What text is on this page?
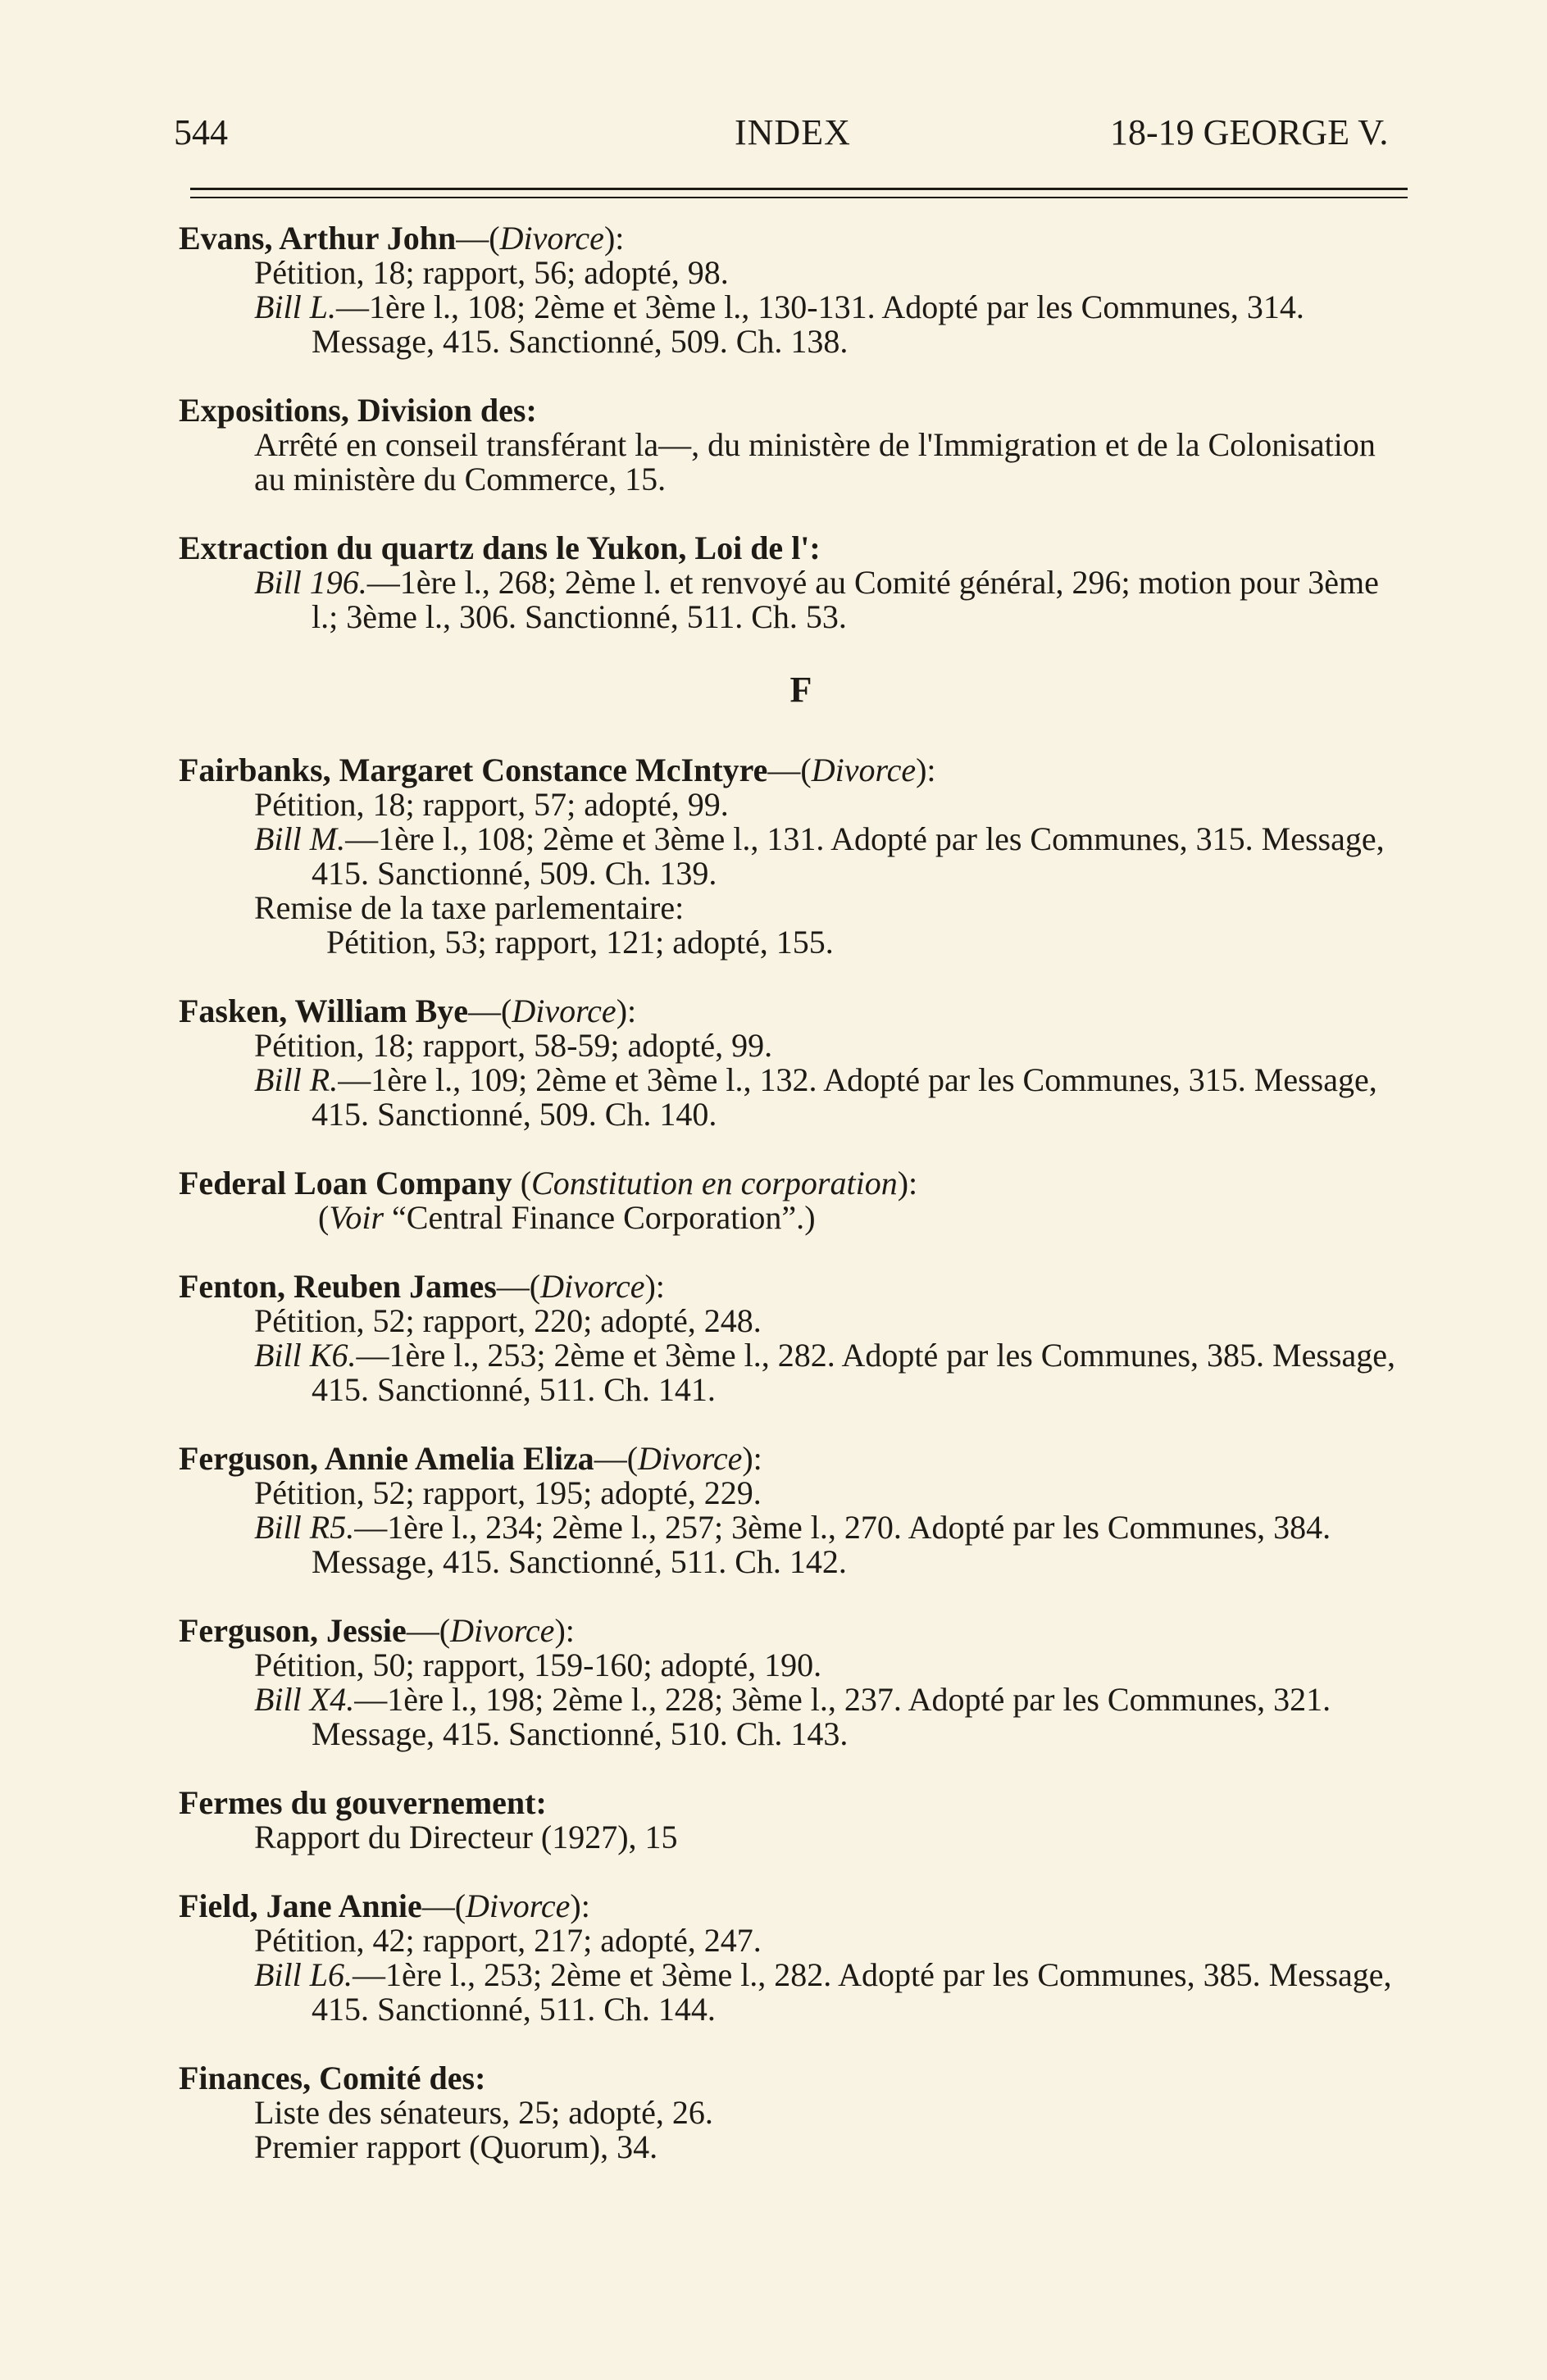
544	INDEX	18-19 GEORGE V.
Evans, Arthur John—(Divorce):
Pétition, 18; rapport, 56; adopté, 98.
Bill L.—1ère l., 108; 2ème et 3ème l., 130-131. Adopté par les Communes, 314. Message, 415. Sanctionné, 509. Ch. 138.
Expositions, Division des:
Arrêté en conseil transférant la—, du ministère de l'Immigration et de la Colonisation au ministère du Commerce, 15.
Extraction du quartz dans le Yukon, Loi de l':
Bill 196.—1ère l., 268; 2ème l. et renvoyé au Comité général, 296; motion pour 3ème l.; 3ème l., 306. Sanctionné, 511. Ch. 53.
F
Fairbanks, Margaret Constance McIntyre—(Divorce):
Pétition, 18; rapport, 57; adopté, 99.
Bill M.—1ère l., 108; 2ème et 3ème l., 131. Adopté par les Communes, 315. Message, 415. Sanctionné, 509. Ch. 139.
Remise de la taxe parlementaire:
Pétition, 53; rapport, 121; adopté, 155.
Fasken, William Bye—(Divorce):
Pétition, 18; rapport, 58-59; adopté, 99.
Bill R.—1ère l., 109; 2ème et 3ème l., 132. Adopté par les Communes, 315. Message, 415. Sanctionné, 509. Ch. 140.
Federal Loan Company (Constitution en corporation):
(Voir “Central Finance Corporation”.)
Fenton, Reuben James—(Divorce):
Pétition, 52; rapport, 220; adopté, 248.
Bill K6.—1ère l., 253; 2ème et 3ème l., 282. Adopté par les Communes, 385. Message, 415. Sanctionné, 511. Ch. 141.
Ferguson, Annie Amelia Eliza—(Divorce):
Pétition, 52; rapport, 195; adopté, 229.
Bill R5.—1ère l., 234; 2ème l., 257; 3ème l., 270. Adopté par les Communes, 384. Message, 415. Sanctionné, 511. Ch. 142.
Ferguson, Jessie—(Divorce):
Pétition, 50; rapport, 159-160; adopté, 190.
Bill X4.—1ère l., 198; 2ème l., 228; 3ème l., 237. Adopté par les Communes, 321. Message, 415. Sanctionné, 510. Ch. 143.
Fermes du gouvernement:
Rapport du Directeur (1927), 15
Field, Jane Annie—(Divorce):
Pétition, 42; rapport, 217; adopté, 247.
Bill L6.—1ère l., 253; 2ème et 3ème l., 282. Adopté par les Communes, 385. Message, 415. Sanctionné, 511. Ch. 144.
Finances, Comité des:
Liste des sénateurs, 25; adopté, 26.
Premier rapport (Quorum), 34.
